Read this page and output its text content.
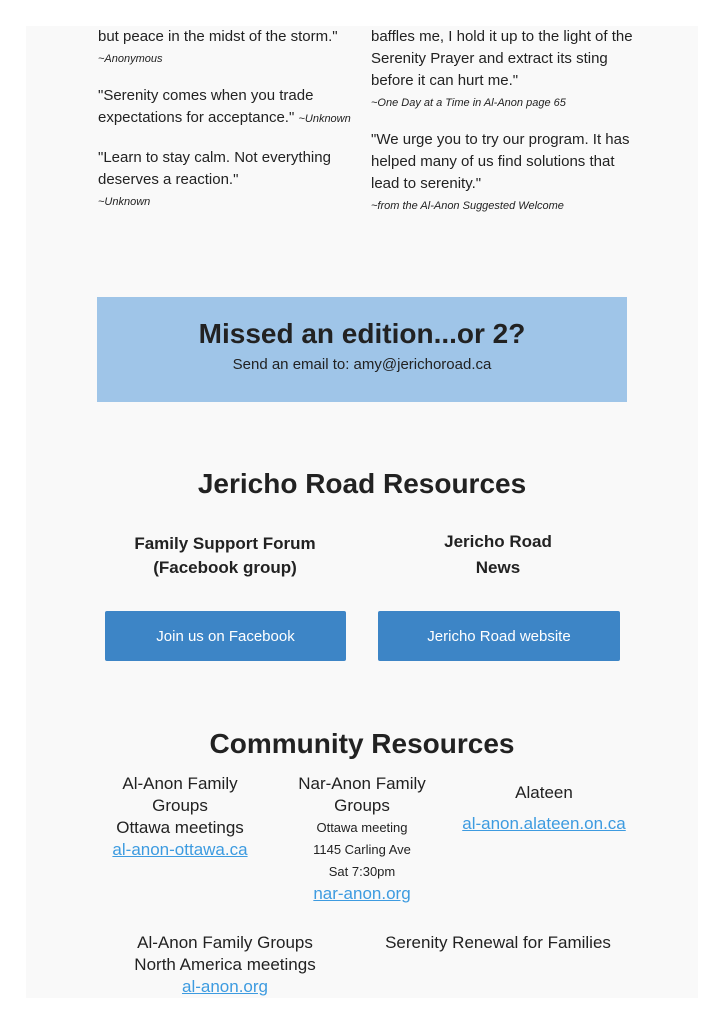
but peace in the midst of the storm."

~Anonymous

"Serenity comes when you trade expectations for acceptance." ~Unknown

"Learn to stay calm. Not everything deserves a reaction."

~Unknown

baffles me, I hold it up to the light of the Serenity Prayer and extract its sting before it can hurt me."

~One Day at a Time in Al-Anon page 65

"We urge you to try our program. It has helped many of us find solutions that lead to serenity."

~from the Al-Anon Suggested Welcome

Missed an edition...or 2?

Send an email to: amy@jerichoroad.ca

Jericho Road Resources
Family Support Forum
(Facebook group)
Jericho Road
News
Join us on Facebook	Jericho Road website
Community Resources
Al-Anon Family
Groups
Ottawa meetings
al-anon-ottawa.ca
Nar-Anon Family
Groups
Ottawa meeting
1145 Carling Ave
Sat 7:30pm
nar-anon.org
Alateen
al-anon.alateen.on.ca
Al-Anon Family Groups
North America meetings
al-anon.org
Serenity Renewal for Families
